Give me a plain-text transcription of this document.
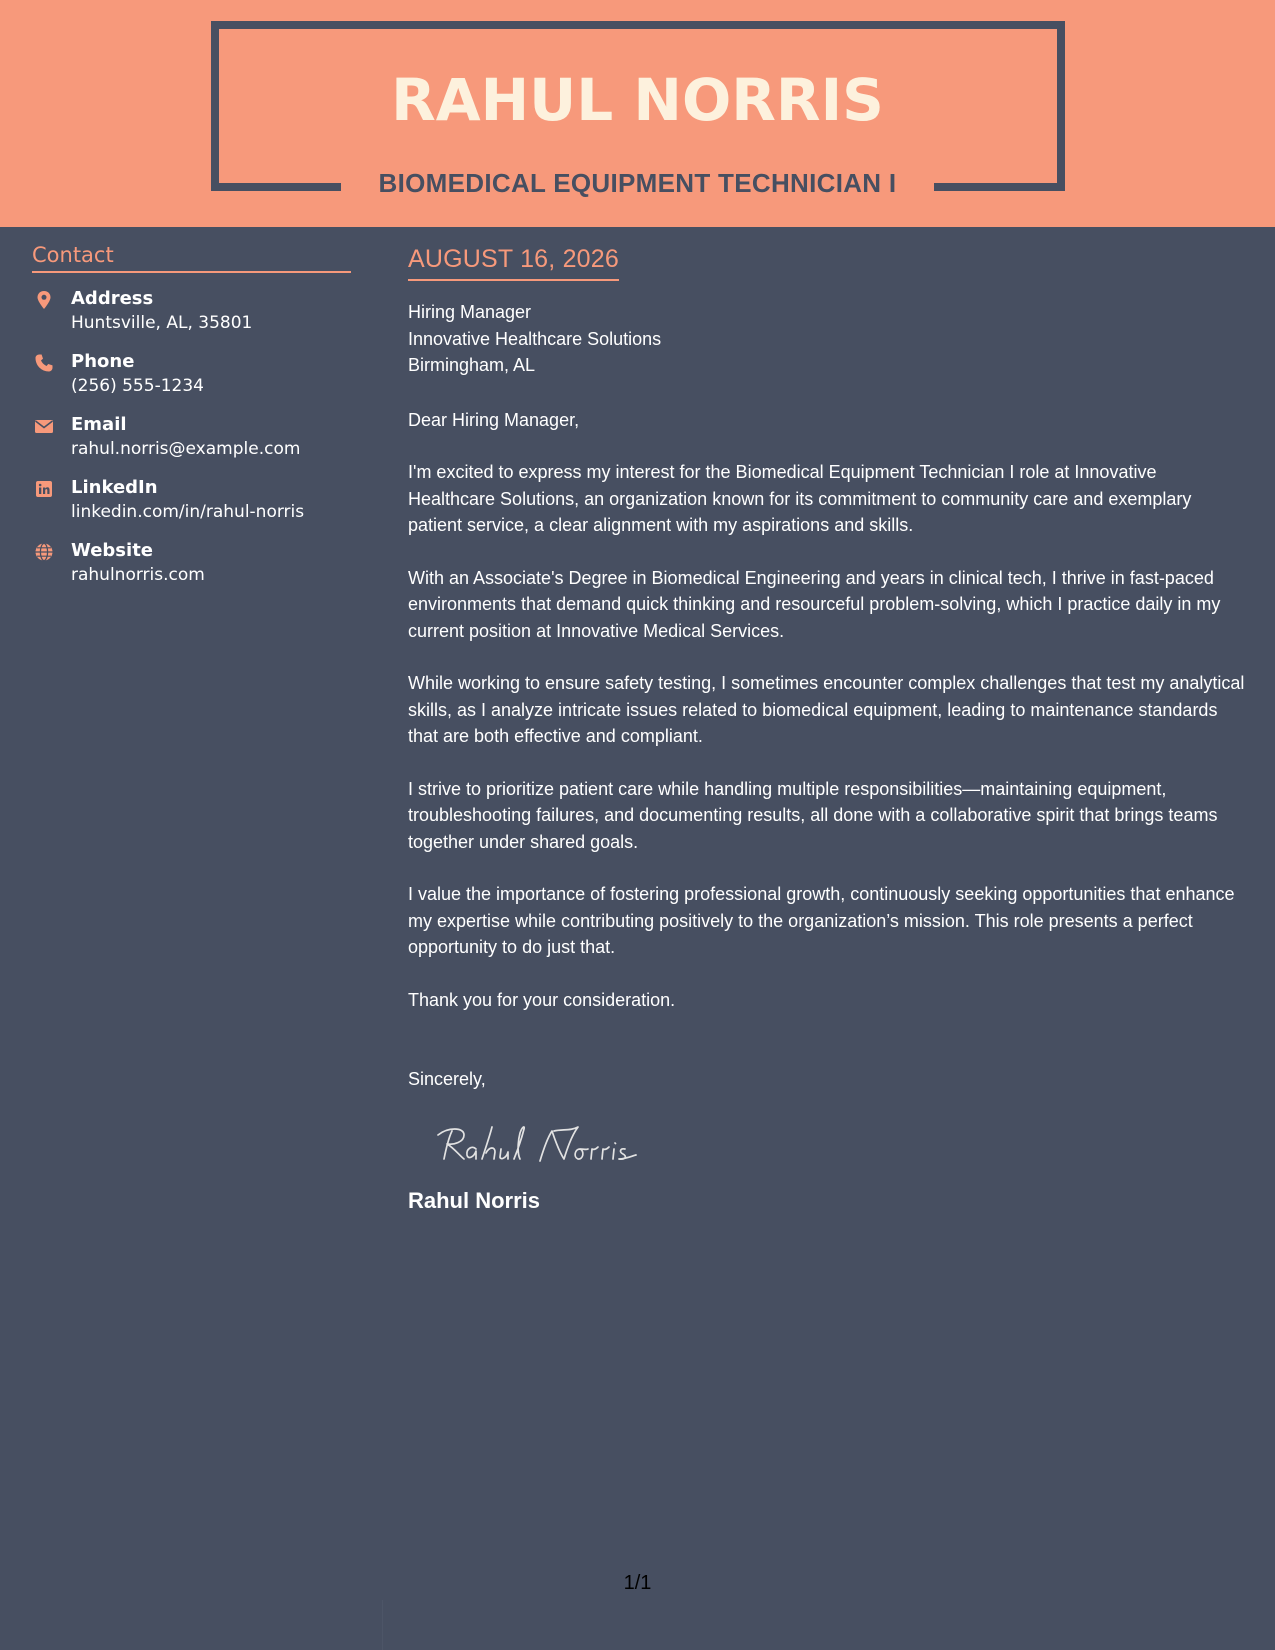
RAHUL NORRIS
BIOMEDICAL EQUIPMENT TECHNICIAN I
Contact
Address
Huntsville, AL, 35801
Phone
(256) 555-1234
Email
rahul.norris@example.com
LinkedIn
linkedin.com/in/rahul-norris
Website
rahulnorris.com
AUGUST 16, 2026
Hiring Manager
Innovative Healthcare Solutions
Birmingham, AL
Dear Hiring Manager,
I'm excited to express my interest for the Biomedical Equipment Technician I role at Innovative Healthcare Solutions, an organization known for its commitment to community care and exemplary patient service, a clear alignment with my aspirations and skills.
With an Associate's Degree in Biomedical Engineering and years in clinical tech, I thrive in fast-paced environments that demand quick thinking and resourceful problem-solving, which I practice daily in my current position at Innovative Medical Services.
While working to ensure safety testing, I sometimes encounter complex challenges that test my analytical skills, as I analyze intricate issues related to biomedical equipment, leading to maintenance standards that are both effective and compliant.
I strive to prioritize patient care while handling multiple responsibilities—maintaining equipment, troubleshooting failures, and documenting results, all done with a collaborative spirit that brings teams together under shared goals.
I value the importance of fostering professional growth, continuously seeking opportunities that enhance my expertise while contributing positively to the organization’s mission. This role presents a perfect opportunity to do just that.
Thank you for your consideration.
Sincerely,
Rahul Norris
1/1
